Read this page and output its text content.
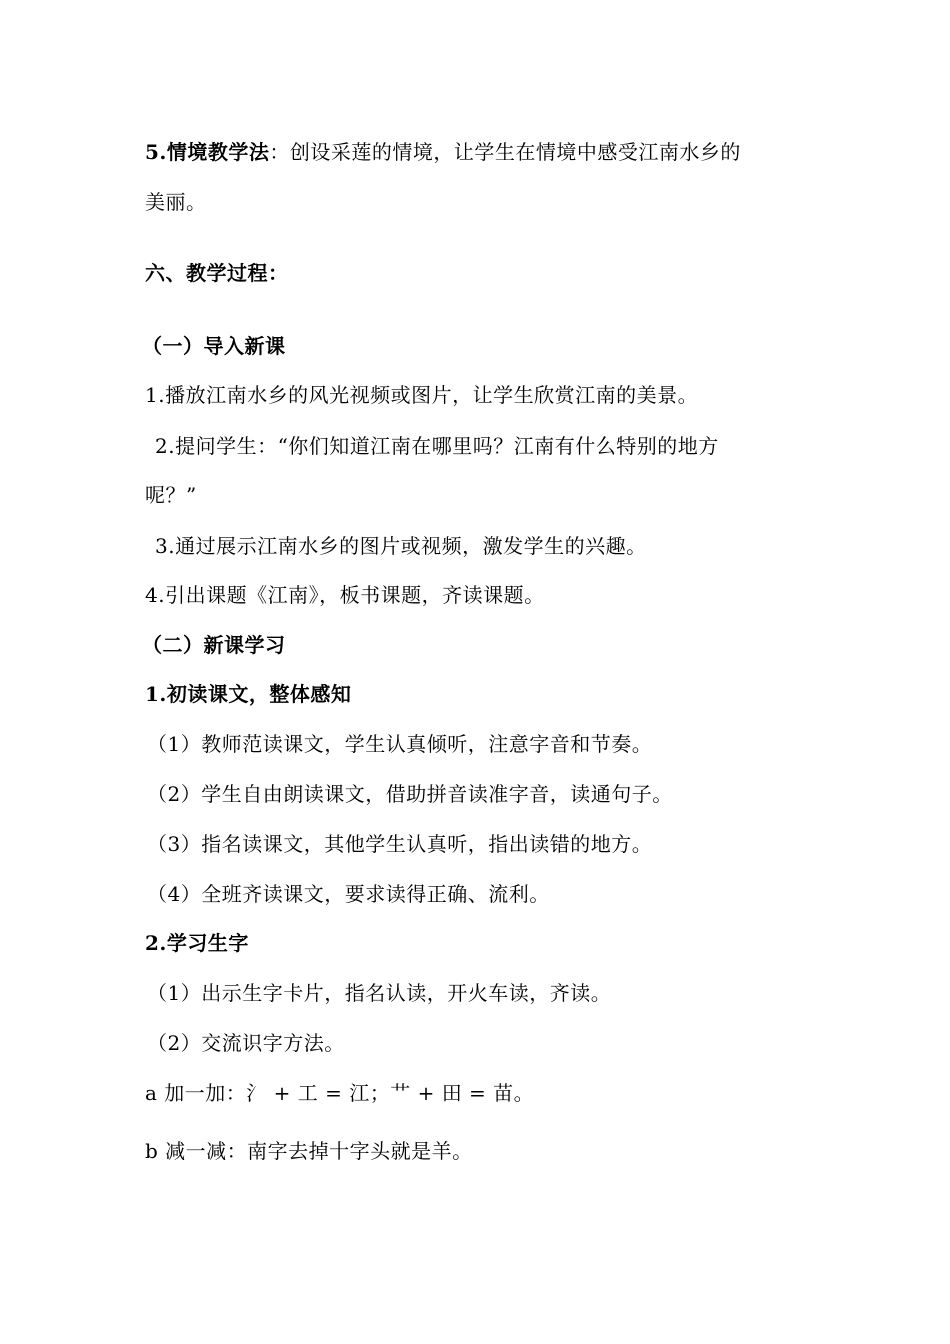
5.情境教学法：创设采莲的情境，让学生在情境中感受江南水乡的
美丽。
六、教学过程：
（一）导入新课
1.播放江南水乡的风光视频或图片，让学生欣赏江南的美景。
2.提问学生：“你们知道江南在哪里吗？江南有什么特别的地方
呢？”
3.通过展示江南水乡的图片或视频，激发学生的兴趣。
4.引出课题《江南》，板书课题，齐读课题。
（二）新课学习
1.初读课文，整体感知
（1）教师范读课文，学生认真倾听，注意字音和节奏。
（2）学生自由朗读课文，借助拼音读准字音，读通句子。
（3）指名读课文，其他学生认真听，指出读错的地方。
（4）全班齐读课文，要求读得正确、流利。
2.学习生字
（1）出示生字卡片，指名认读，开火车读，齐读。
（2）交流识字方法。
a 加一加：氵 + 工 = 江；艹 + 田 = 苗。
b 减一减：南字去掉十字头就是羊。
